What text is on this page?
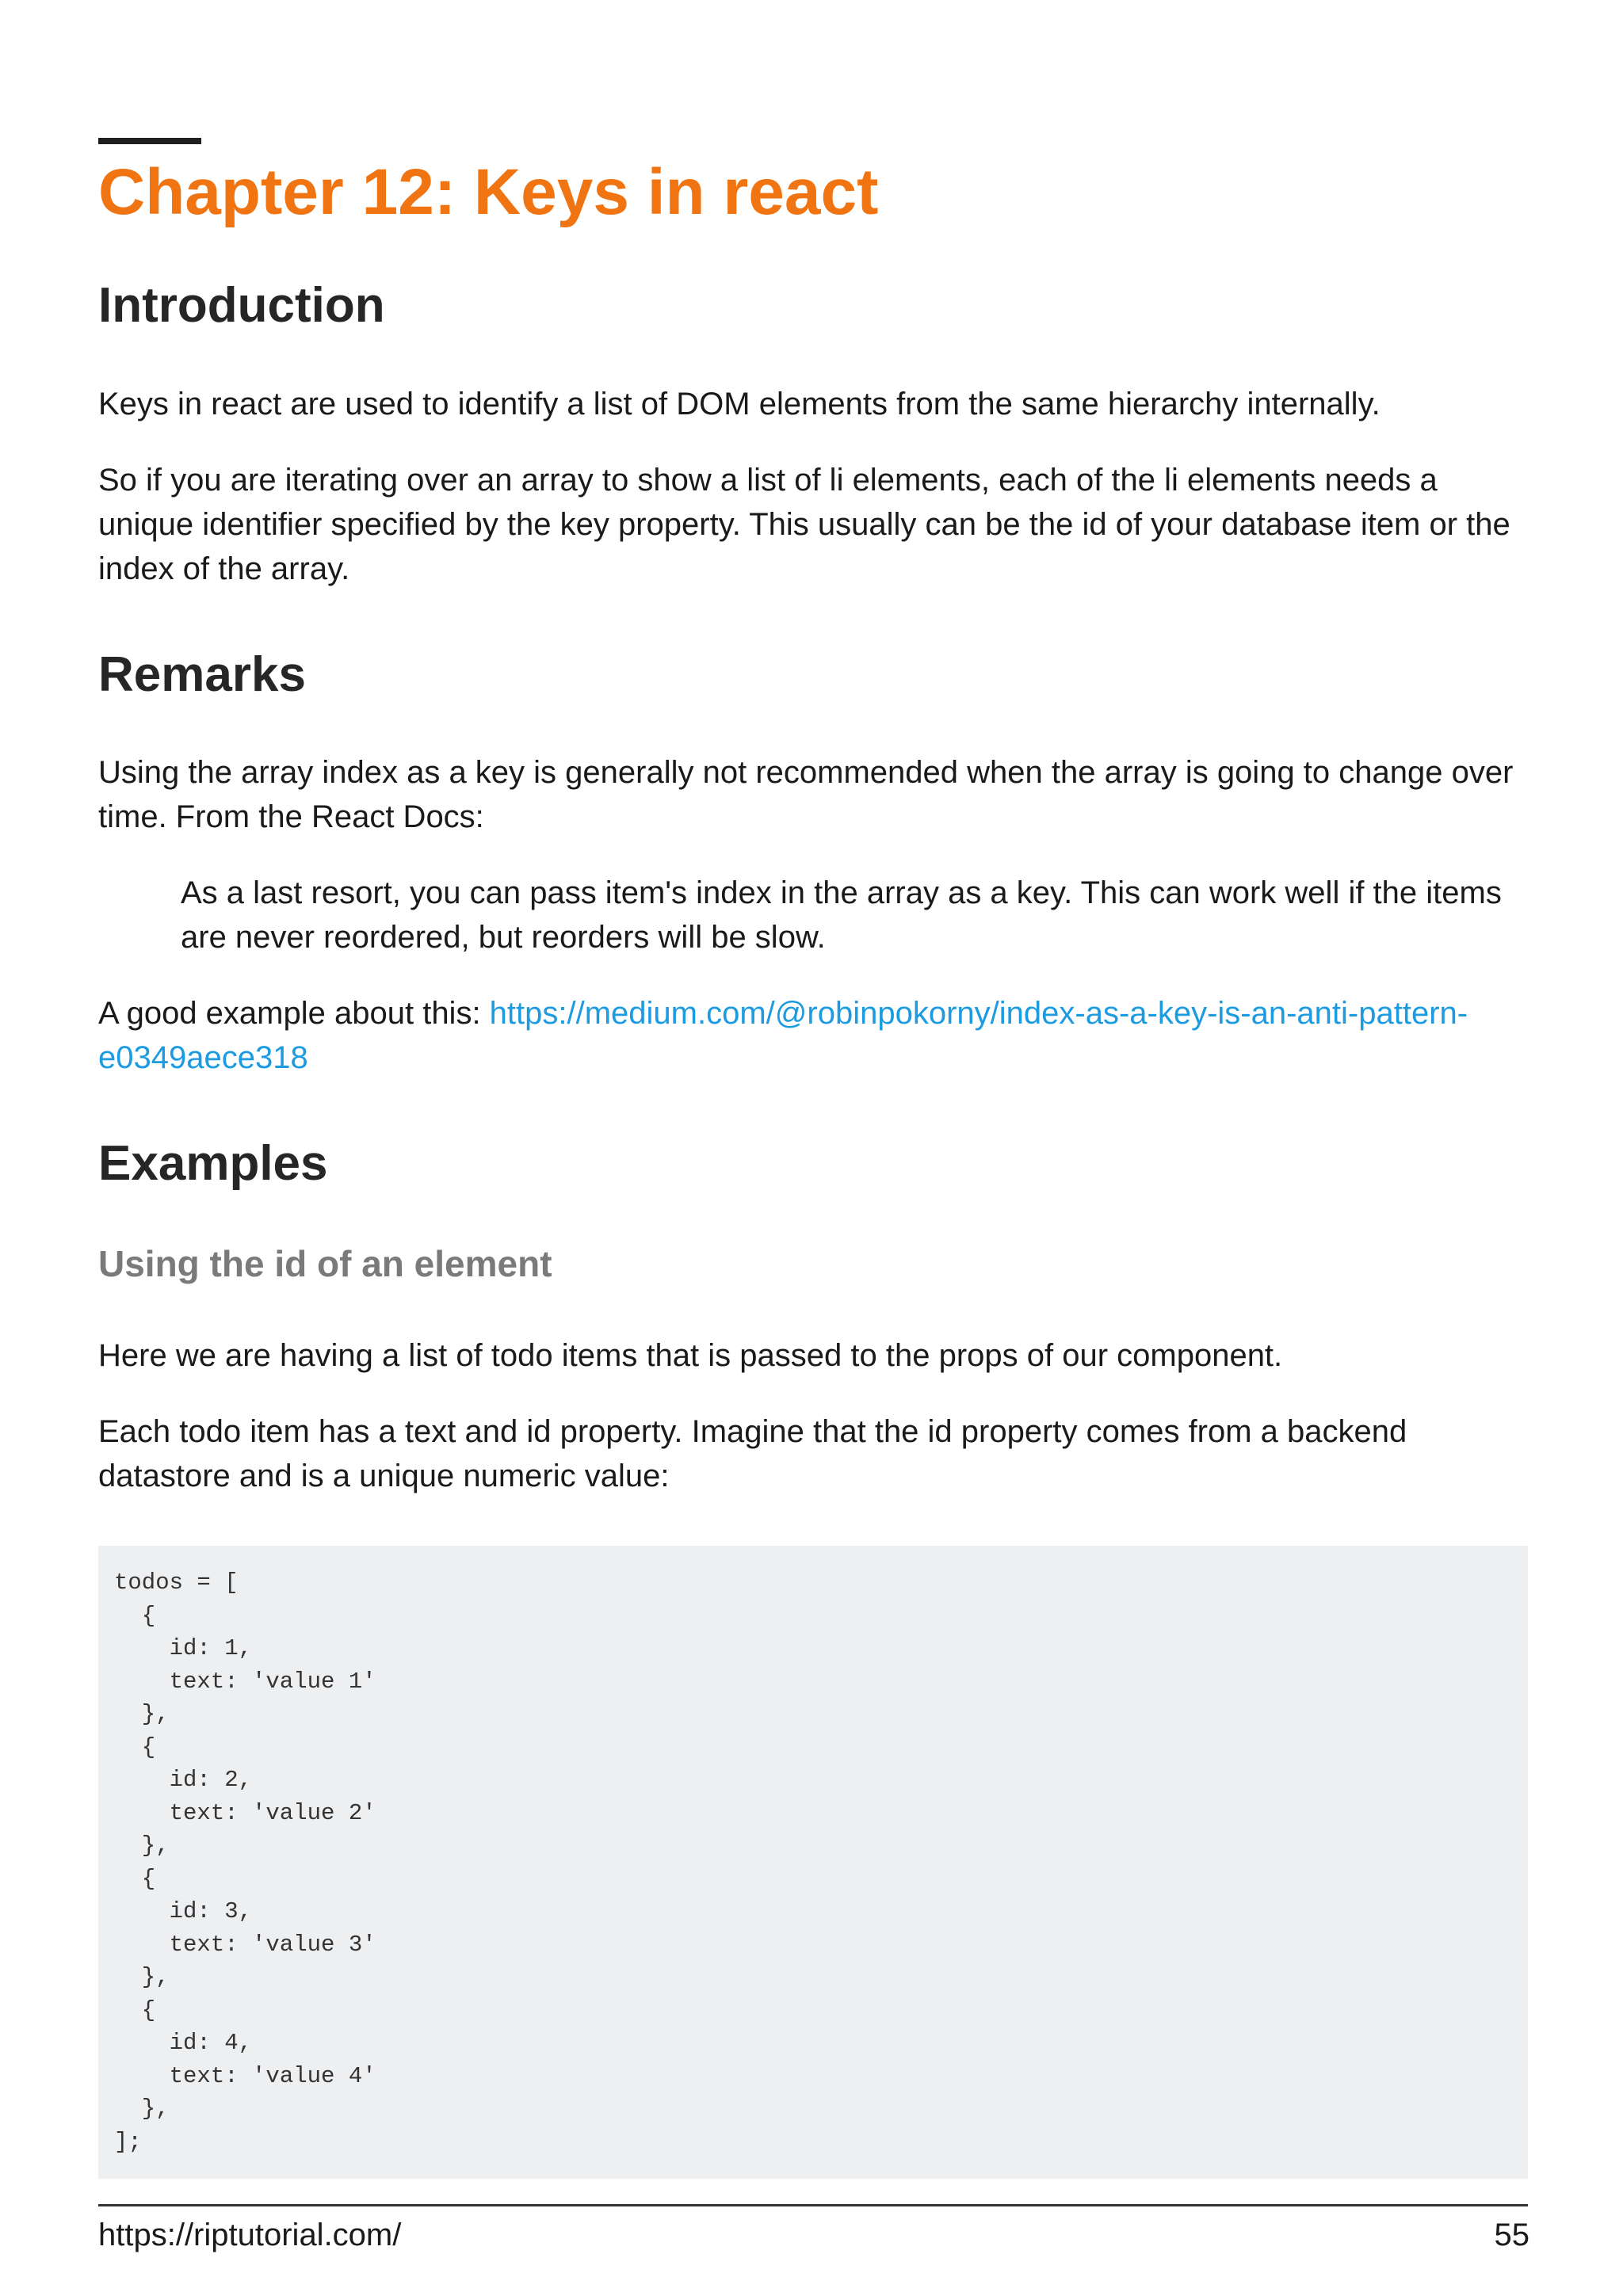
Chapter 12: Keys in react
Introduction

Keys in react are used to identify a list of DOM elements from the same hierarchy internally.

So if you are iterating over an array to show a list of li elements, each of the li elements needs a unique identifier specified by the key property. This usually can be the id of your database item or the index of the array.

Remarks

Using the array index as a key is generally not recommended when the array is going to change over time. From the React Docs:

As a last resort, you can pass item's index in the array as a key. This can work well if the items are never reordered, but reorders will be slow.

A good example about this: https://medium.com/@robinpokorny/index-as-a-key-is-an-anti-pattern-e0349aece318

Examples
Using the id of an element

Here we are having a list of todo items that is passed to the props of our component.

Each todo item has a text and id property. Imagine that the id property comes from a backend datastore and is a unique numeric value:

todos = [
{
id: 1,
text: 'value 1'
},
{
id: 2,
text: 'value 2'
},
{
id: 3,
text: 'value 3'
},
{
id: 4,
text: 'value 4'
},
];
https://riptutorial.com/	55
